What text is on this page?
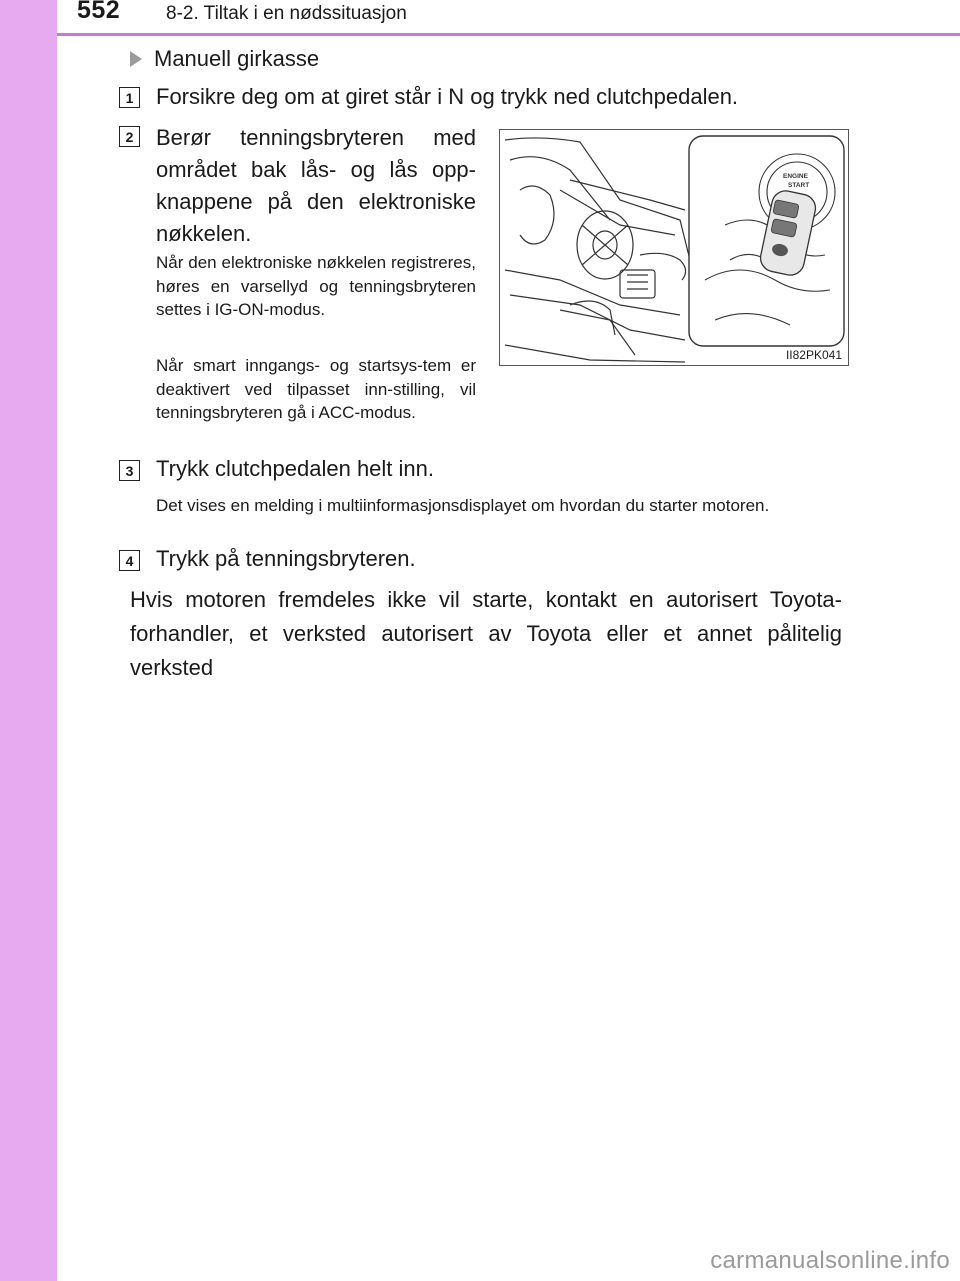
552 8-2. Tiltak i en nødssituasjon
Manuell girkasse
1	Forsikre deg om at giret står i N og trykk ned clutchpedalen.
2	Berør tenningsbryteren med området bak lås- og lås opp-knappene på den elektroniske nøkkelen.
Når den elektroniske nøkkelen registreres, høres en varsellyd og tenningsbryteren settes i IG-ON-modus.
Når smart inngangs- og startsys-tem er deaktivert ved tilpasset inn-stilling, vil tenningsbryteren gå i ACC-modus.
ENGINE
START
II82PK041
3	Trykk clutchpedalen helt inn.
Det vises en melding i multiinformasjonsdisplayet om hvordan du starter motoren.
4	Trykk på tenningsbryteren.
Hvis motoren fremdeles ikke vil starte, kontakt en autorisert Toyota-forhandler, et verksted autorisert av Toyota eller et annet pålitelig verksted
carmanualsonline.info
